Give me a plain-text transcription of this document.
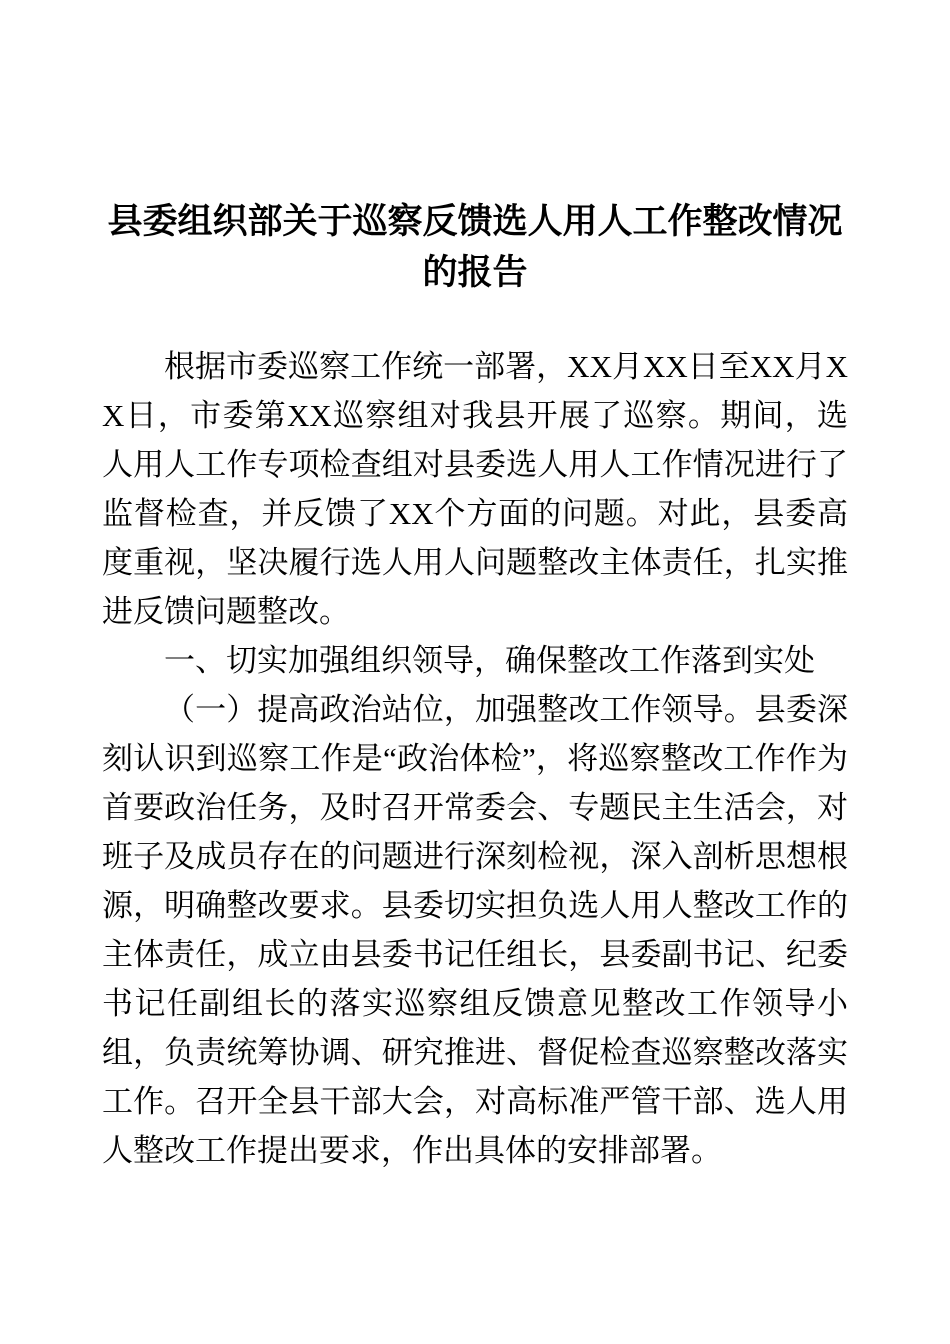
县委组织部关于巡察反馈选人用人工作整改情况的报告

根据市委巡察工作统一部署，XX月XX日至XX月XX日，市委第XX巡察组对我县开展了巡察。期间，选人用人工作专项检查组对县委选人用人工作情况进行了监督检查，并反馈了XX个方面的问题。对此，县委高度重视，坚决履行选人用人问题整改主体责任，扎实推进反馈问题整改。

一、切实加强组织领导，确保整改工作落到实处

（一）提高政治站位，加强整改工作领导。县委深刻认识到巡察工作是“政治体检”，将巡察整改工作作为首要政治任务，及时召开常委会、专题民主生活会，对班子及成员存在的问题进行深刻检视，深入剖析思想根源，明确整改要求。县委切实担负选人用人整改工作的主体责任，成立由县委书记任组长，县委副书记、纪委书记任副组长的落实巡察组反馈意见整改工作领导小组，负责统筹协调、研究推进、督促检查巡察整改落实工作。召开全县干部大会，对高标准严管干部、选人用人整改工作提出要求，作出具体的安排部署。
